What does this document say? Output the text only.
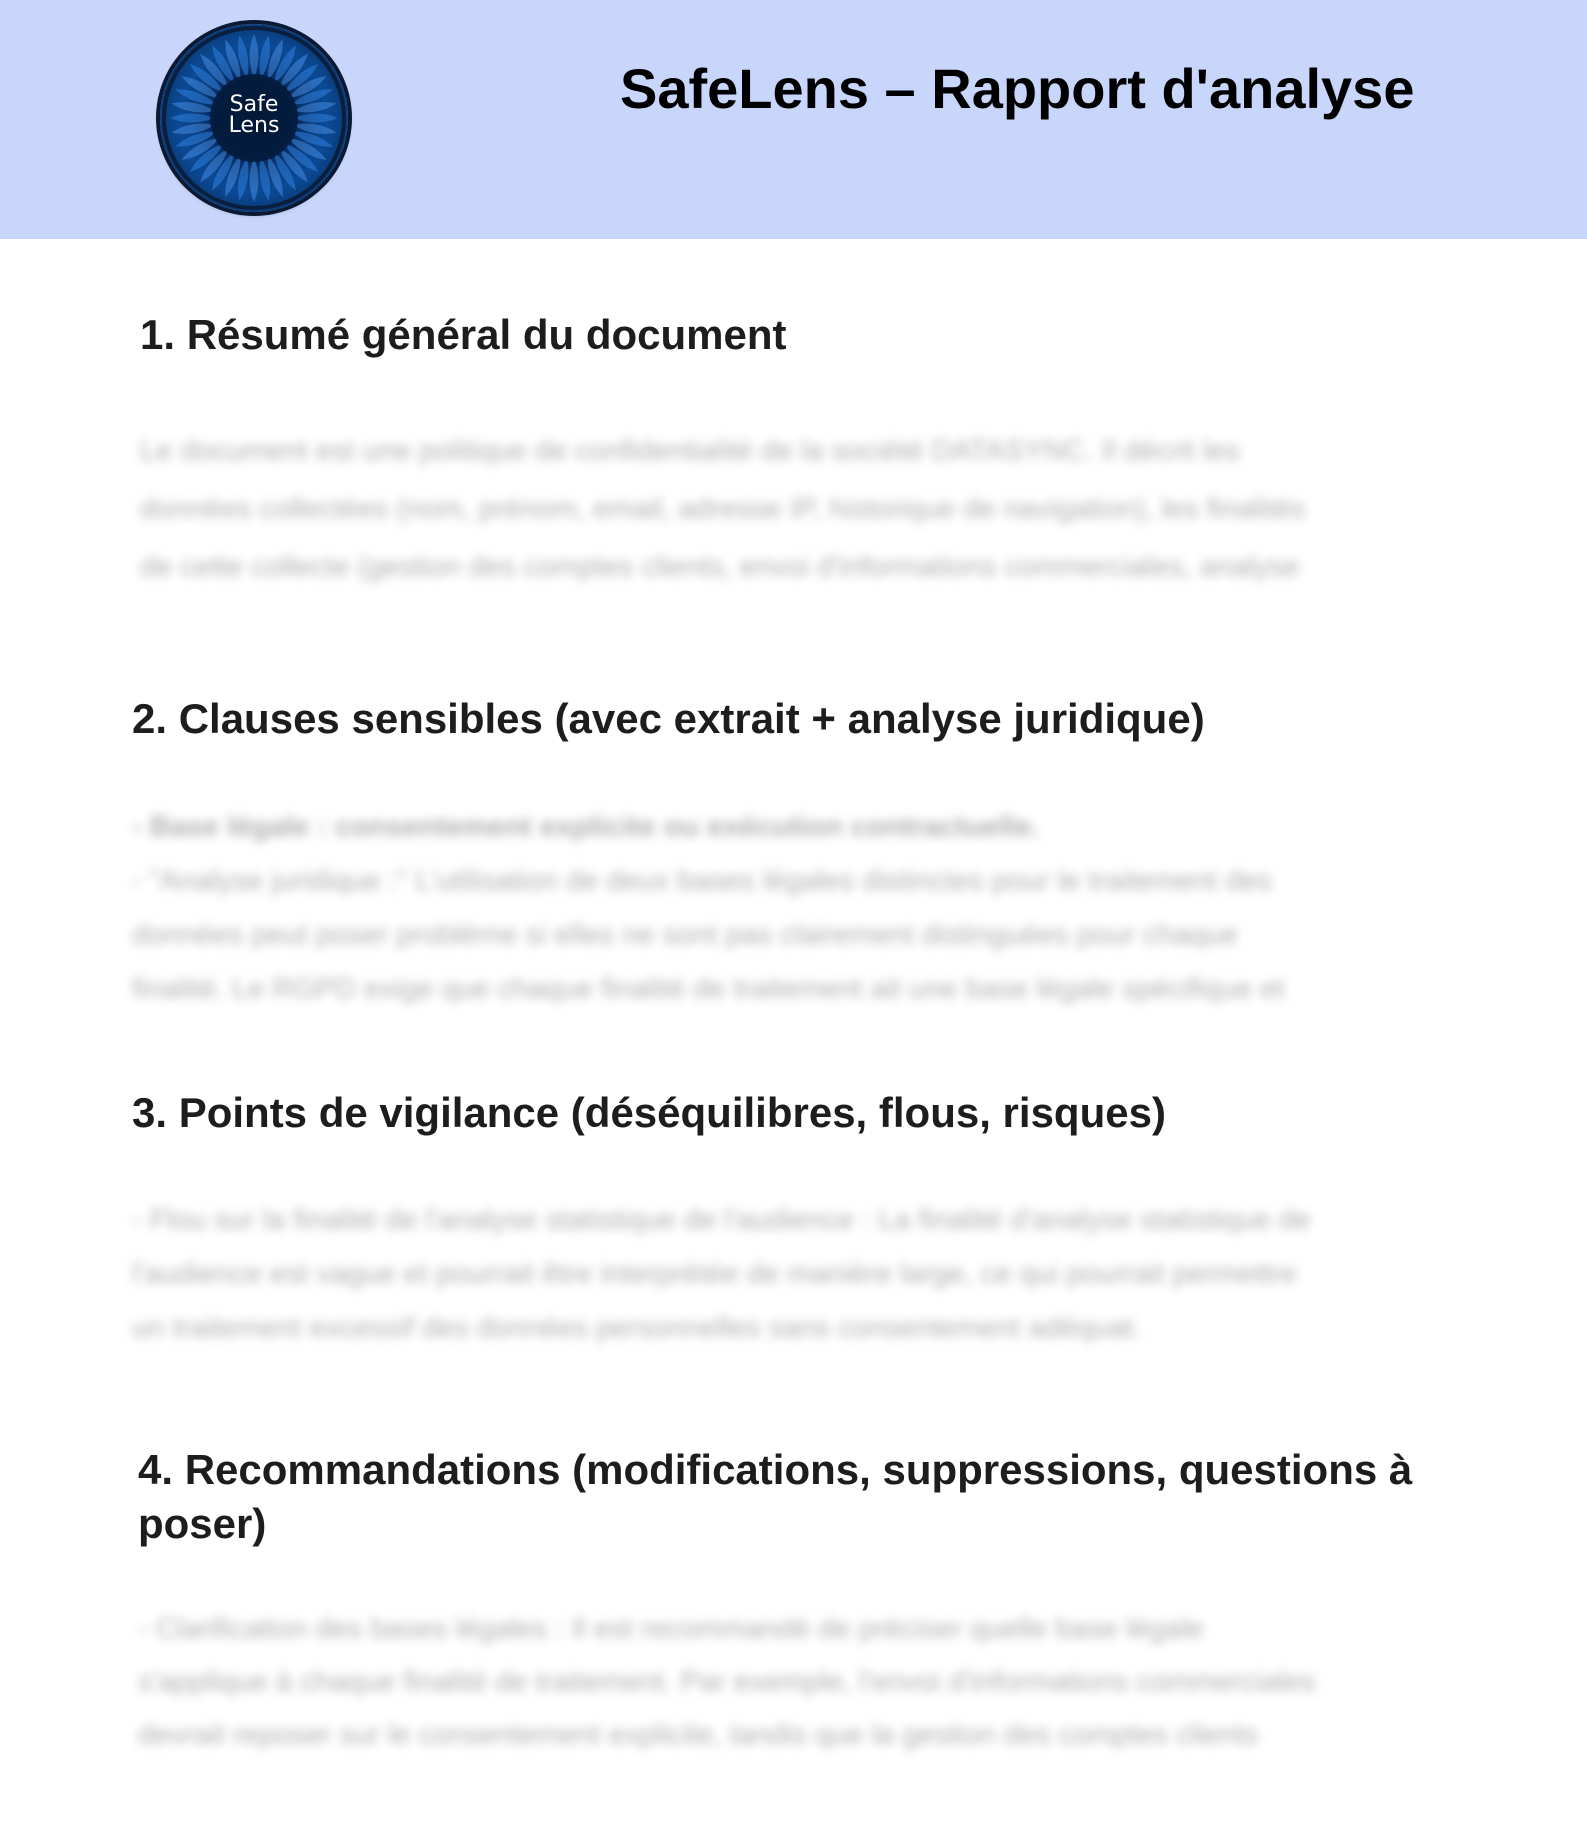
Safe
Lens
SafeLens – Rapport d'analyse
1. Résumé général du document
Le document est une politique de confidentialité de la société DATASYNC. Il décrit les
données collectées (nom, prénom, email, adresse IP, historique de navigation), les finalités
de cette collecte (gestion des comptes clients, envoi d'informations commerciales, analyse
2. Clauses sensibles (avec extrait + analyse juridique)
- Base légale : consentement explicite ou exécution contractuelle.
- "Analyse juridique :" L'utilisation de deux bases légales distinctes pour le traitement des
données peut poser problème si elles ne sont pas clairement distinguées pour chaque
finalité. Le RGPD exige que chaque finalité de traitement ait une base légale spécifique et
3. Points de vigilance (déséquilibres, flous, risques)
- Flou sur la finalité de l'analyse statistique de l'audience : La finalité d'analyse statistique de
l'audience est vague et pourrait être interprétée de manière large, ce qui pourrait permettre
un traitement excessif des données personnelles sans consentement adéquat.
4. Recommandations (modifications, suppressions, questions à poser)
- Clarification des bases légales : Il est recommandé de préciser quelle base légale
s'applique à chaque finalité de traitement. Par exemple, l'envoi d'informations commerciales
devrait reposer sur le consentement explicite, tandis que la gestion des comptes clients
